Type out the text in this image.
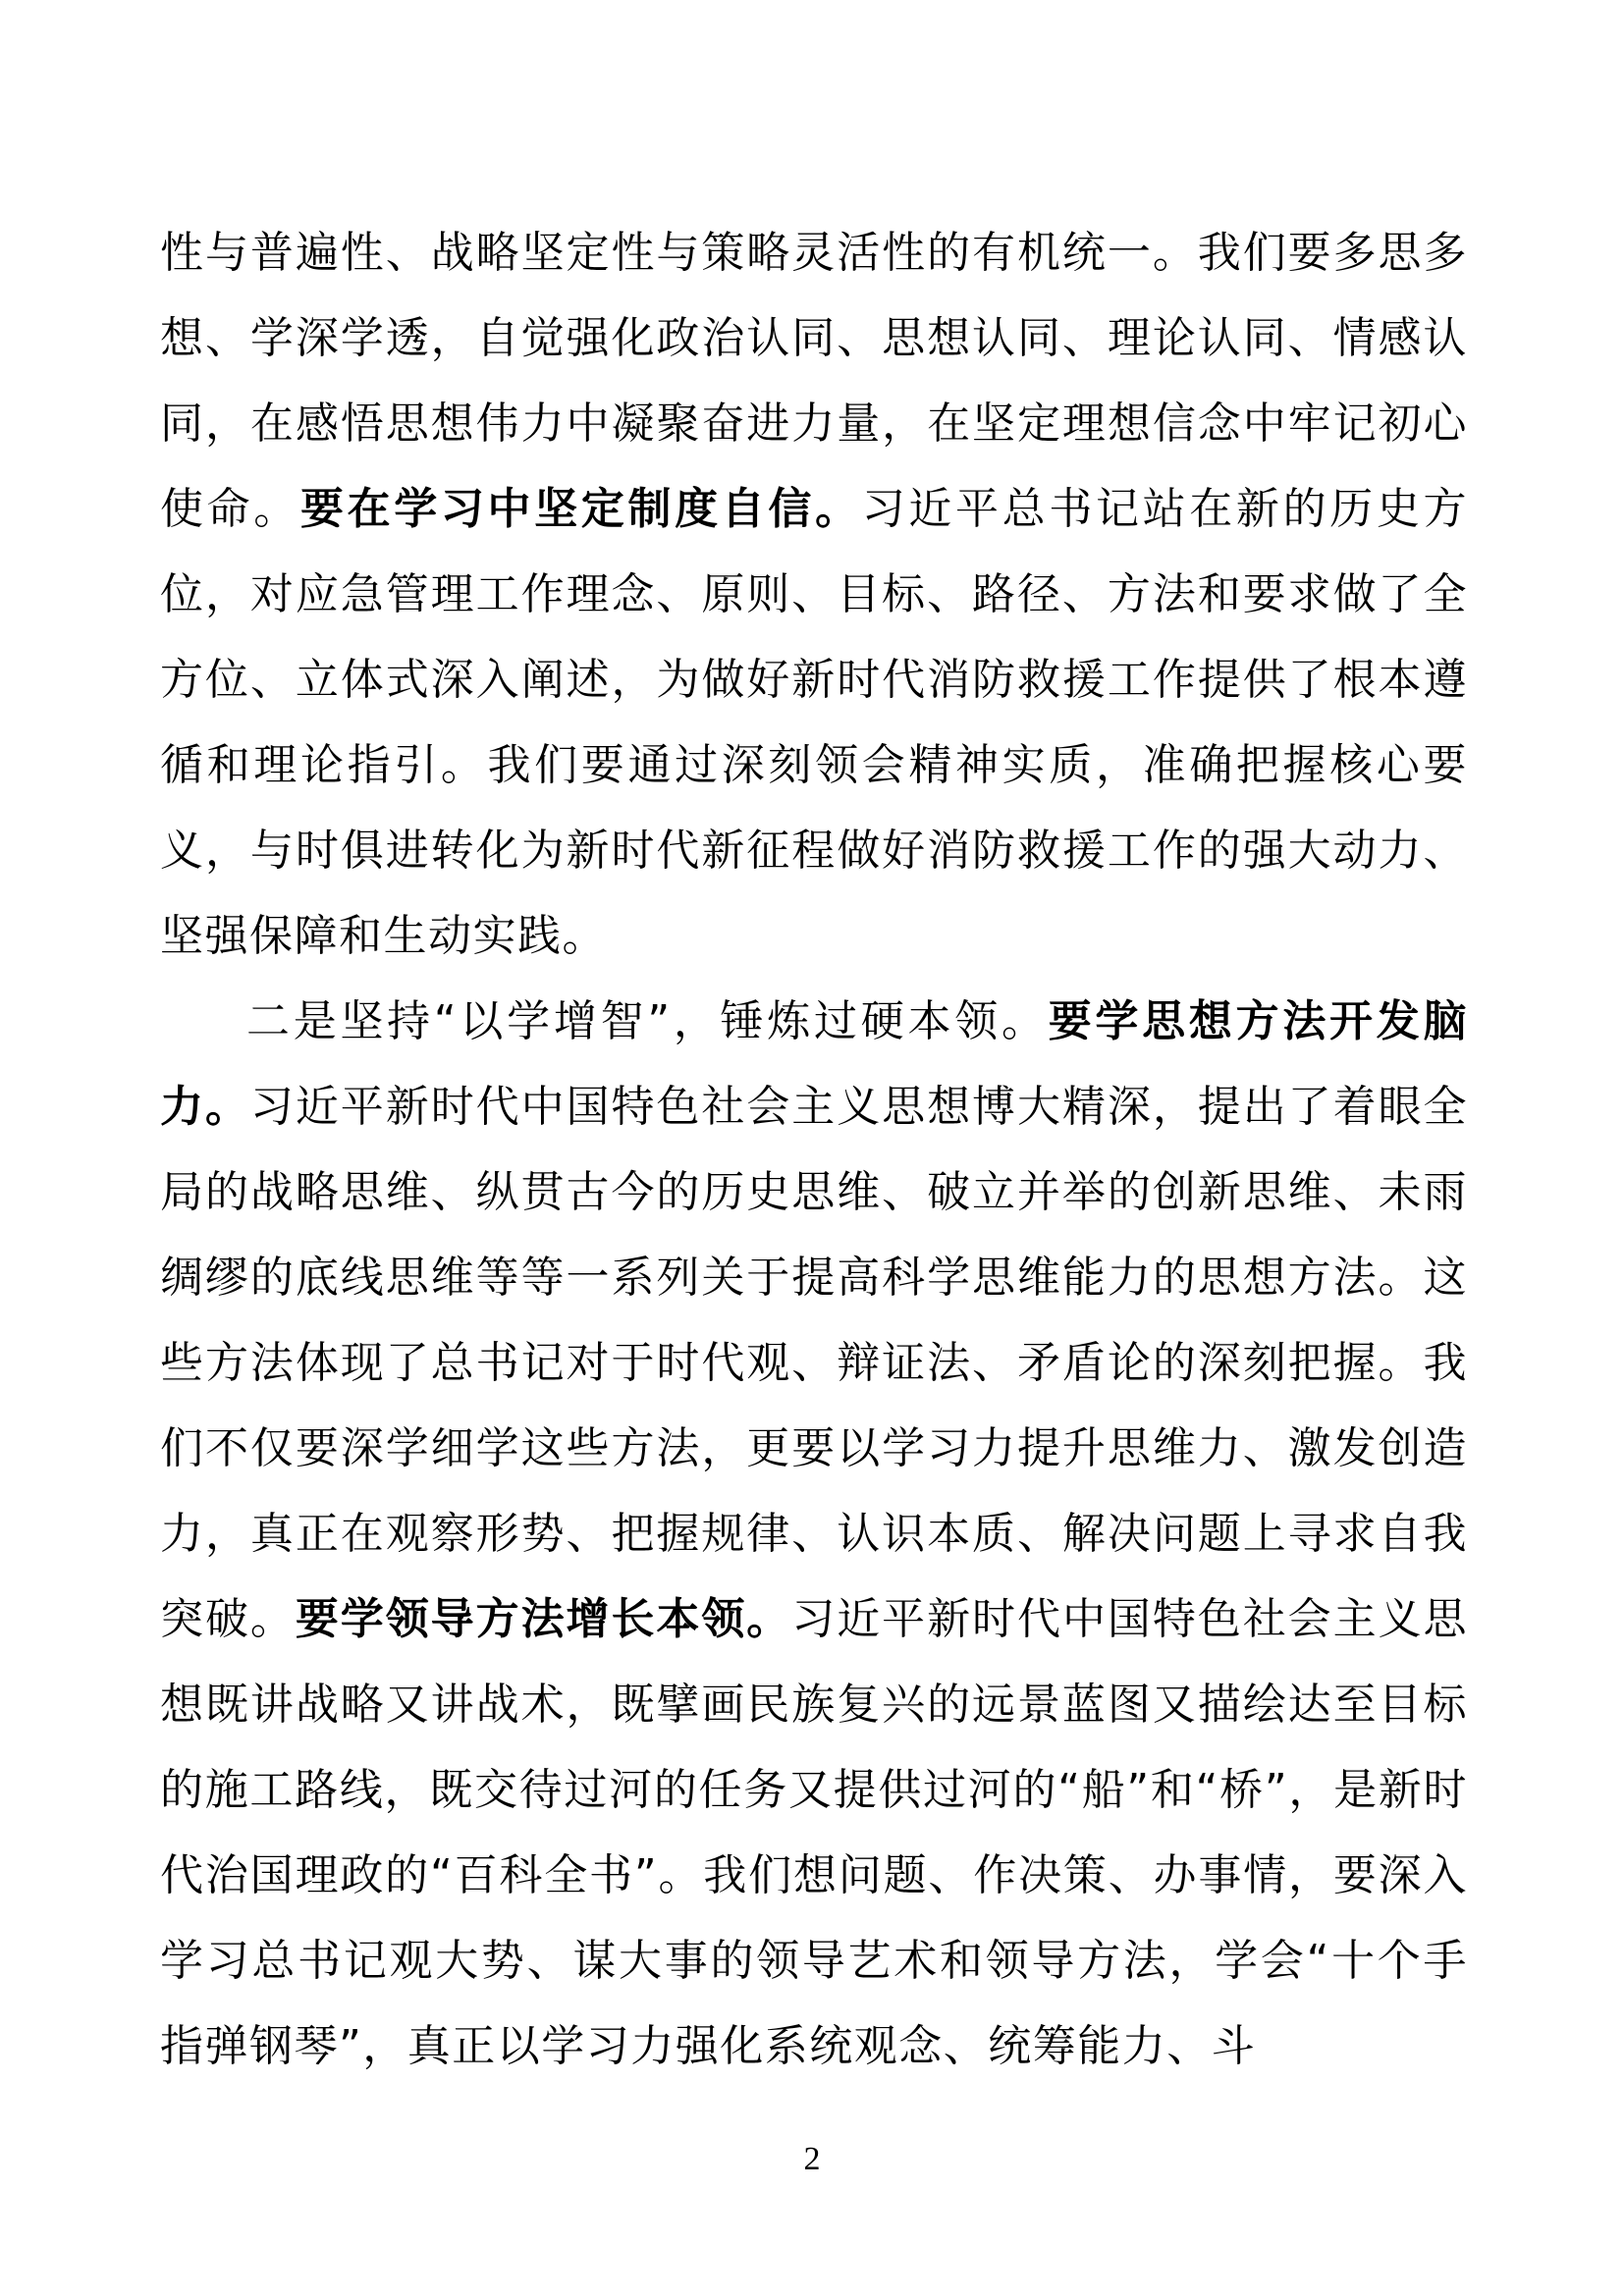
性与普遍性、战略坚定性与策略灵活性的有机统一。我们要多思多想、学深学透，自觉强化政治认同、思想认同、理论认同、情感认同，在感悟思想伟力中凝聚奋进力量，在坚定理想信念中牢记初心使命。要在学习中坚定制度自信。习近平总书记站在新的历史方位，对应急管理工作理念、原则、目标、路径、方法和要求做了全方位、立体式深入阐述，为做好新时代消防救援工作提供了根本遵循和理论指引。我们要通过深刻领会精神实质，准确把握核心要义，与时俱进转化为新时代新征程做好消防救援工作的强大动力、坚强保障和生动实践。

二是坚持“以学增智”，锤炼过硬本领。要学思想方法开发脑力。习近平新时代中国特色社会主义思想博大精深，提出了着眼全局的战略思维、纵贯古今的历史思维、破立并举的创新思维、未雨绸缪的底线思维等等一系列关于提高科学思维能力的思想方法。这些方法体现了总书记对于时代观、辩证法、矛盾论的深刻把握。我们不仅要深学细学这些方法，更要以学习力提升思维力、激发创造力，真正在观察形势、把握规律、认识本质、解决问题上寻求自我突破。要学领导方法增长本领。习近平新时代中国特色社会主义思想既讲战略又讲战术，既擘画民族复兴的远景蓝图又描绘达至目标的施工路线，既交待过河的任务又提供过河的“船”和“桥”，是新时代治国理政的“百科全书”。我们想问题、作决策、办事情，要深入学习总书记观大势、谋大事的领导艺术和领导方法，学会“十个手指弹钢琴”，真正以学习力强化系统观念、统筹能力、斗

2
